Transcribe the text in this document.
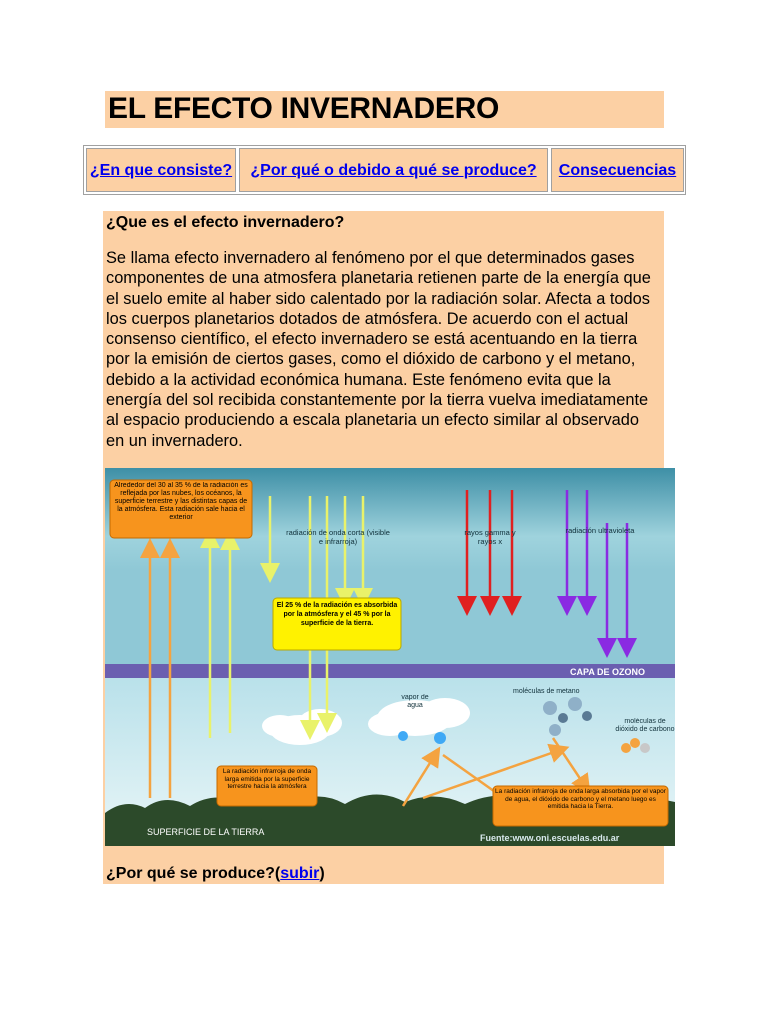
EL EFECTO INVERNADERO
¿En que consiste? ¿Por qué o debido a qué se produce? Consecuencias
¿Que es el efecto invernadero?
Se llama efecto invernadero al fenómeno por el que determinados gases componentes de una atmosfera planetaria retienen parte de la energía que el suelo emite al haber sido calentado por la radiación solar. Afecta a todos los cuerpos planetarios dotados de atmósfera. De acuerdo con el actual consenso científico, el efecto invernadero se está acentuando en la tierra por la emisión de ciertos gases, como el dióxido de carbono y el metano, debido a la actividad económica humana. Este fenómeno evita que la energía del sol recibida constantemente por la tierra vuelva imediatamente al espacio produciendo a escala planetaria un efecto similar al observado en un invernadero.
Alrededor del 30 al 35 % de la radiación es reflejada por las nubes, los océanos, la superficie terrestre y las distintas capas de la atmósfera. Esta radiación sale hacia el exterior
radiación de onda corta (visible e infrarroja)
rayos gamma y rayos x
radiación ultravioleta
El 25 % de la radiación es absorbida por la atmósfera y el 45 % por la superficie de la tierra.
CAPA DE OZONO
vapor de agua
moléculas de metano
moléculas de dióxido de carbono
La radiación infrarroja de onda larga emitida por la superficie terrestre hacia la atmósfera
La radiación infrarroja de onda larga absorbida por el vapor de agua, el dióxido de carbono y el metano luego es emitida hacia la Tierra.
SUPERFICIE DE LA TIERRA
Fuente:www.oni.escuelas.edu.ar
¿Por qué se produce?(subir)
